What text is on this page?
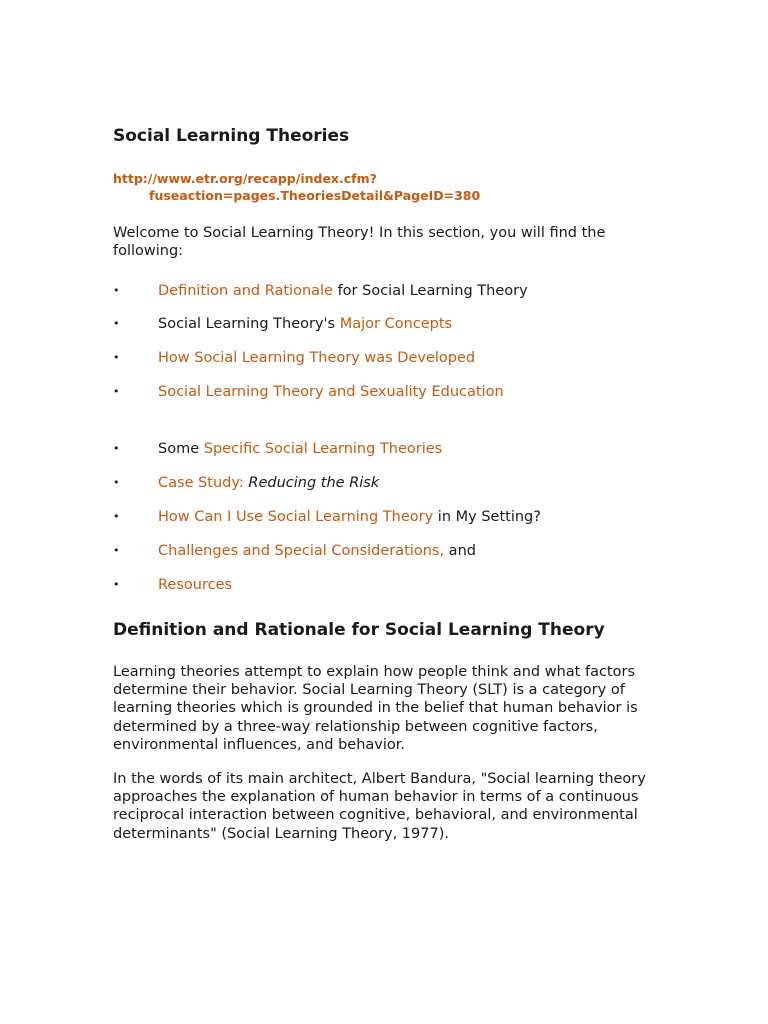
Social Learning Theories
http://www.etr.org/recapp/index.cfm?
fuseaction=pages.TheoriesDetail&PageID=380

Welcome to Social Learning Theory! In this section, you will find the following:

•	Definition and Rationale for Social Learning Theory
•	Social Learning Theory's Major Concepts
•	How Social Learning Theory was Developed
•	Social Learning Theory and Sexuality Education
•	Some Specific Social Learning Theories
•	Case Study: Reducing the Risk
•	How Can I Use Social Learning Theory in My Setting?
•	Challenges and Special Considerations, and
•	Resources
Definition and Rationale for Social Learning Theory

Learning theories attempt to explain how people think and what factors determine their behavior. Social Learning Theory (SLT) is a category of learning theories which is grounded in the belief that human behavior is determined by a three-way relationship between cognitive factors, environmental influences, and behavior.

In the words of its main architect, Albert Bandura, "Social learning theory approaches the explanation of human behavior in terms of a continuous reciprocal interaction between cognitive, behavioral, and environmental determinants" (Social Learning Theory, 1977).
